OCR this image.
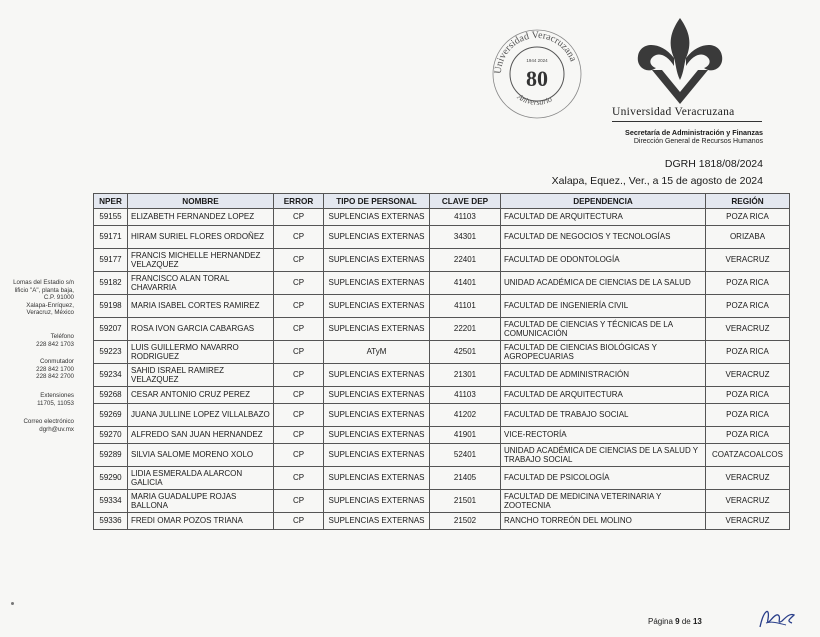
Universidad Veracruzana
Aniversario
1944 2024
80
Universidad Veracruzana
Secretaría de Administración y Finanzas
Dirección General de Recursos Humanos
DGRH 1818/08/2024
Xalapa, Equez., Ver., a 15 de agosto de 2024
Lomas del Estadio s/n
lificio "A", planta baja,
C.P. 91000
Xalapa-Enríquez,
Veracruz, México
Teléfono
228 842 1703
Conmutador
228 842 1700
228 842 2700
Extensiones
11705, 11053
Correo electrónico
dgrh@uv.mx
NPER	NOMBRE	ERROR	TIPO DE PERSONAL	CLAVE DEP	DEPENDENCIA	REGIÓN
59155	ELIZABETH FERNANDEZ LOPEZ	CP	SUPLENCIAS EXTERNAS	41103	FACULTAD DE ARQUITECTURA	POZA RICA
59171	HIRAM SURIEL FLORES ORDOÑEZ	CP	SUPLENCIAS EXTERNAS	34301	FACULTAD DE NEGOCIOS Y TECNOLOGÍAS	ORIZABA
59177	FRANCIS MICHELLE HERNANDEZ VELAZQUEZ	CP	SUPLENCIAS EXTERNAS	22401	FACULTAD DE ODONTOLOGÍA	VERACRUZ
59182	FRANCISCO ALAN TORAL CHAVARRIA	CP	SUPLENCIAS EXTERNAS	41401	UNIDAD ACADÉMICA DE CIENCIAS DE LA SALUD	POZA RICA
59198	MARIA ISABEL CORTES RAMIREZ	CP	SUPLENCIAS EXTERNAS	41101	FACULTAD DE INGENIERÍA CIVIL	POZA RICA
59207	ROSA IVON GARCIA CABARGAS	CP	SUPLENCIAS EXTERNAS	22201	FACULTAD DE CIENCIAS Y TÉCNICAS DE LA COMUNICACIÓN	VERACRUZ
59223	LUIS GUILLERMO NAVARRO RODRIGUEZ	CP	ATyM	42501	FACULTAD DE CIENCIAS BIOLÓGICAS Y AGROPECUARIAS	POZA RICA
59234	SAHID ISRAEL RAMIREZ VELAZQUEZ	CP	SUPLENCIAS EXTERNAS	21301	FACULTAD DE ADMINISTRACIÓN	VERACRUZ
59268	CESAR ANTONIO CRUZ PEREZ	CP	SUPLENCIAS EXTERNAS	41103	FACULTAD DE ARQUITECTURA	POZA RICA
59269	JUANA JULLINE LOPEZ VILLALBAZO	CP	SUPLENCIAS EXTERNAS	41202	FACULTAD DE TRABAJO SOCIAL	POZA RICA
59270	ALFREDO SAN JUAN HERNANDEZ	CP	SUPLENCIAS EXTERNAS	41901	VICE-RECTORÍA	POZA RICA
59289	SILVIA SALOME MORENO XOLO	CP	SUPLENCIAS EXTERNAS	52401	UNIDAD ACADÉMICA DE CIENCIAS DE LA SALUD Y TRABAJO SOCIAL	COATZACOALCOS
59290	LIDIA ESMERALDA ALARCON GALICIA	CP	SUPLENCIAS EXTERNAS	21405	FACULTAD DE PSICOLOGÍA	VERACRUZ
59334	MARIA GUADALUPE ROJAS BALLONA	CP	SUPLENCIAS EXTERNAS	21501	FACULTAD DE MEDICINA VETERINARIA Y ZOOTECNIA	VERACRUZ
59336	FREDI OMAR POZOS TRIANA	CP	SUPLENCIAS EXTERNAS	21502	RANCHO TORREÓN DEL MOLINO	VERACRUZ
Página 9 de 13
